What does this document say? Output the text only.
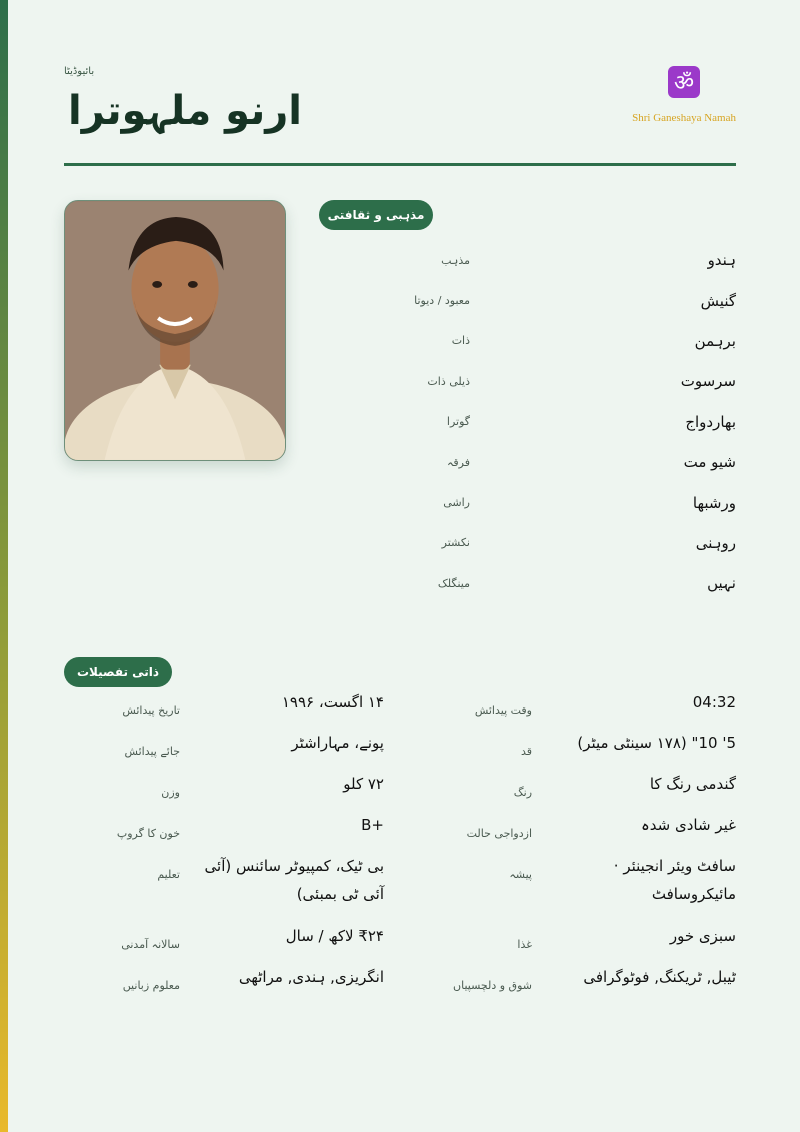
بائیوڈیٹا
ارنو ملہوترا
ॐ
Shri Ganeshaya Namah
مذہبی و ثقافتی
مذہب	ہندو
معبود / دیوتا	گنیش
ذات	برہمن
ذیلی ذات	سرسوت
گوترا	بھاردواج
فرقہ	شیو مت
راشی	ورشبھا
نکشتر	روہنی
مینگلک	نہیں
ذاتی تفصیلات
تاریخ پیدائش	۱۴ اگست، ۱۹۹۶	وقت پیدائش	04:32
جائے پیدائش	پونے، مہاراشٹر	قد	5' 10" (۱۷۸ سینٹی میٹر)
وزن	۷۲ کلو	رنگ	گندمی رنگ کا
خون کا گروپ	B+	ازدواجی حالت	غیر شادی شدہ
تعلیم	بی ٹیک، کمپیوٹر سائنس (آئی آئی ٹی بمبئی)
پیشہ	سافٹ ویئر انجینئر · مائیکروسافٹ
سالانہ آمدنی	₹۲۴ لاکھ / سال	غذا	سبزی خور
معلوم زبانیں	انگریزی, ہندی, مراٹھی	شوق و دلچسپیاں	ٹیبل, ٹریکنگ, فوٹوگرافی
